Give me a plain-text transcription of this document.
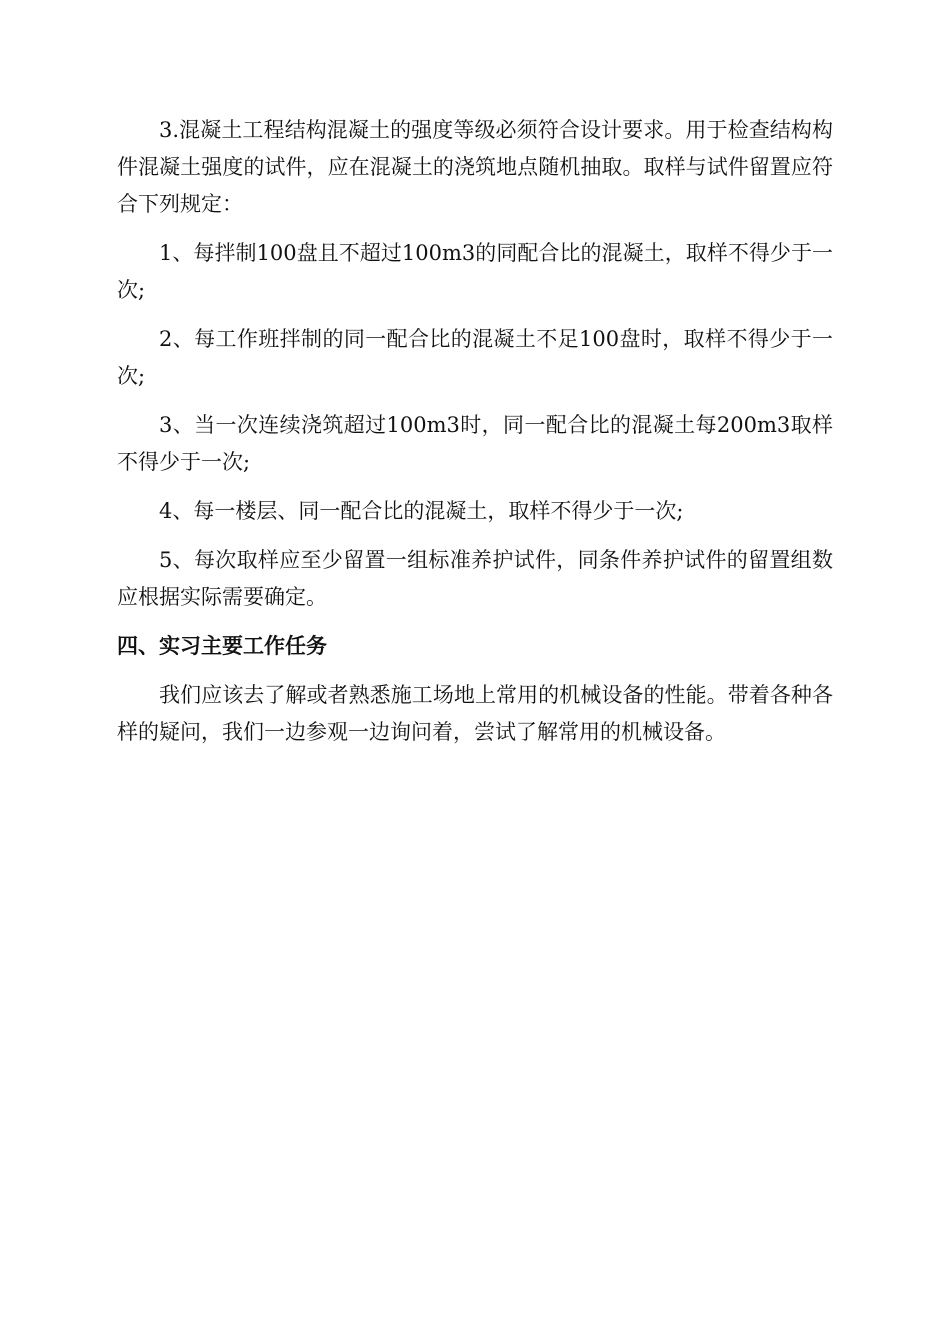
3.混凝土工程结构混凝土的强度等级必须符合设计要求。用于检查结构构件混凝土强度的试件，应在混凝土的浇筑地点随机抽取。取样与试件留置应符合下列规定：

1、每拌制100盘且不超过100m3的同配合比的混凝土，取样不得少于一次;

2、每工作班拌制的同一配合比的混凝土不足100盘时，取样不得少于一次;

3、当一次连续浇筑超过100m3时，同一配合比的混凝土每200m3取样不得少于一次;

4、每一楼层、同一配合比的混凝土，取样不得少于一次;

5、每次取样应至少留置一组标准养护试件，同条件养护试件的留置组数应根据实际需要确定。

四、实习主要工作任务

我们应该去了解或者熟悉施工场地上常用的机械设备的性能。带着各种各样的疑问，我们一边参观一边询问着，尝试了解常用的机械设备。
